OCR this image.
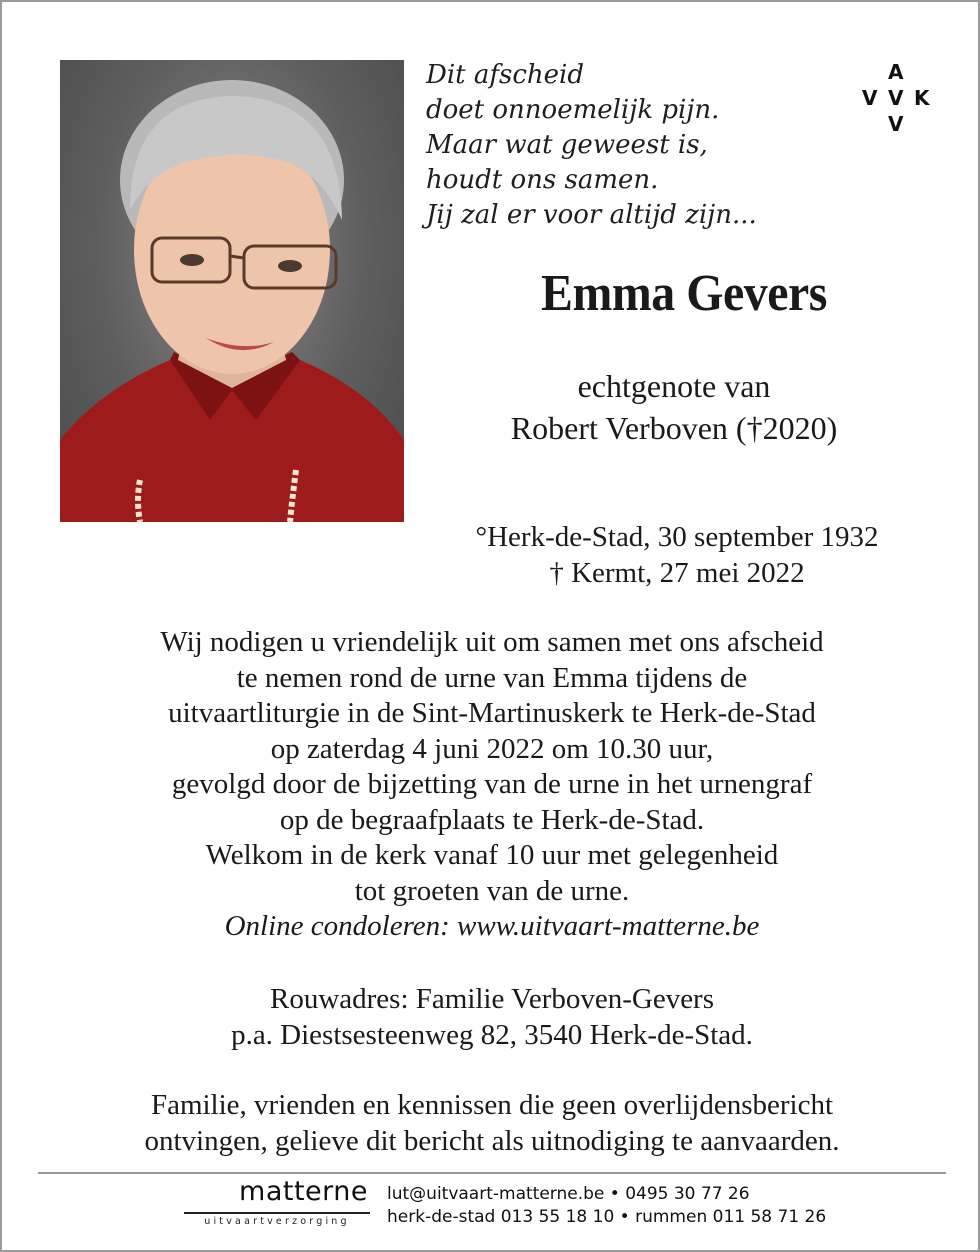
Dit afscheid
doet onnoemelijk pijn.
Maar wat geweest is,
houdt ons samen.
Jij zal er voor altijd zijn...
A
V V K
V
Emma Gevers
echtgenote van
Robert Verboven (†2020)
°Herk-de-Stad, 30 september 1932
† Kermt, 27 mei 2022
Wij nodigen u vriendelijk uit om samen met ons afscheid
te nemen rond de urne van Emma tijdens de
uitvaartliturgie in de Sint-Martinuskerk te Herk-de-Stad
op zaterdag 4 juni 2022 om 10.30 uur,
gevolgd door de bijzetting van de urne in het urnengraf
op de begraafplaats te Herk-de-Stad.
Welkom in de kerk vanaf 10 uur met gelegenheid
tot groeten van de urne.
Online condoleren: www.uitvaart-matterne.be
Rouwadres: Familie Verboven-Gevers
p.a. Diestsesteenweg 82, 3540 Herk-de-Stad.
Familie, vrienden en kennissen die geen overlijdensbericht
ontvingen, gelieve dit bericht als uitnodiging te aanvaarden.
matterne
uitvaartverzorging
lut@uitvaart-matterne.be • 0495 30 77 26
herk-de-stad 013 55 18 10 • rummen 011 58 71 26
